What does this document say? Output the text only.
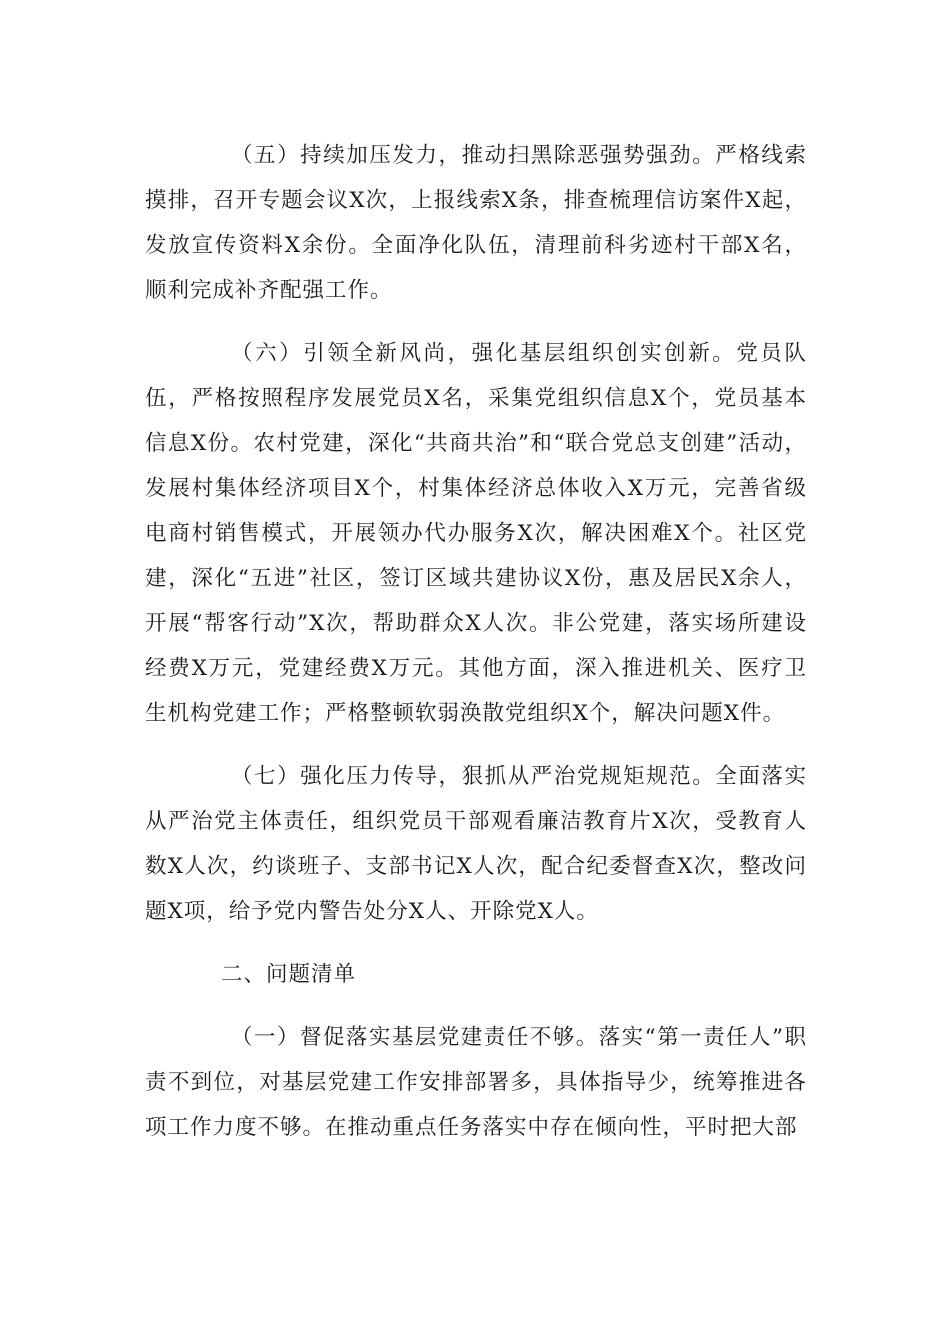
（五）持续加压发力，推动扫黑除恶强势强劲。严格线索摸排，召开专题会议X次，上报线索X条，排查梳理信访案件X起，发放宣传资料X余份。全面净化队伍，清理前科劣迹村干部X名，顺利完成补齐配强工作。

（六）引领全新风尚，强化基层组织创实创新。党员队伍，严格按照程序发展党员X名，采集党组织信息X个，党员基本信息X份。农村党建，深化“共商共治”和“联合党总支创建”活动，发展村集体经济项目X个，村集体经济总体收入X万元，完善省级电商村销售模式，开展领办代办服务X次，解决困难X个。社区党建，深化“五进”社区，签订区域共建协议X份，惠及居民X余人，开展“帮客行动”X次，帮助群众X人次。非公党建，落实场所建设经费X万元，党建经费X万元。其他方面，深入推进机关、医疗卫生机构党建工作；严格整顿软弱涣散党组织X个，解决问题X件。

（七）强化压力传导，狠抓从严治党规矩规范。全面落实从严治党主体责任，组织党员干部观看廉洁教育片X次，受教育人数X人次，约谈班子、支部书记X人次，配合纪委督查X次，整改问题X项，给予党内警告处分X人、开除党X人。

二、问题清单

（一）督促落实基层党建责任不够。落实“第一责任人”职责不到位，对基层党建工作安排部署多，具体指导少，统筹推进各项工作力度不够。在推动重点任务落实中存在倾向性，平时把大部
